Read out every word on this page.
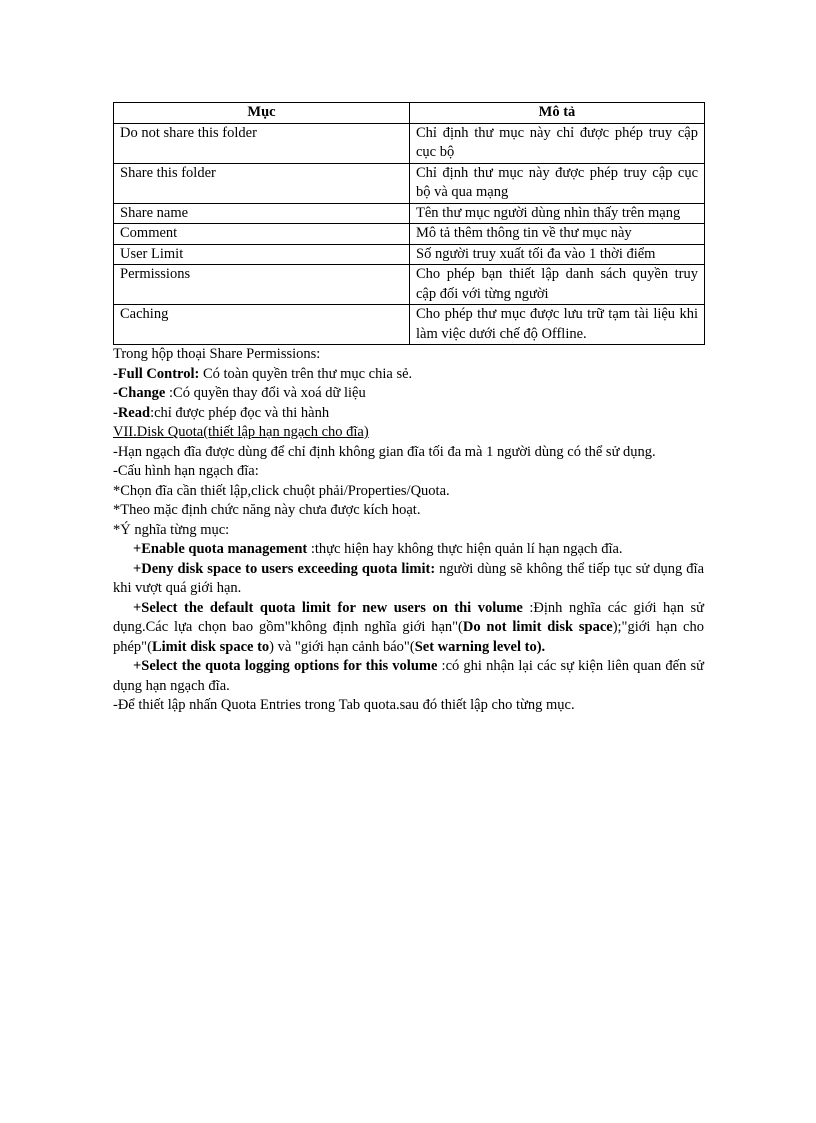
Mục	Mô tả
Do not share this folder	Chỉ định thư mục này chỉ được phép truy cập cục bộ
Share this folder	Chỉ định thư mục này được phép truy cập cục bộ và qua mạng
Share name	Tên thư mục người dùng nhìn thấy trên mạng
Comment	Mô tả thêm thông tin về thư mục này
User Limit	Số người truy xuất tối đa vào 1 thời điểm
Permissions	Cho phép bạn thiết lập danh sách quyền truy cập đối với từng người
Caching	Cho phép thư mục được lưu trữ tạm tài liệu khi làm việc dưới chế độ Offline.

Trong hộp thoại Share Permissions:

-Full Control: Có toàn quyền trên thư mục chia sẻ.

-Change :Có quyền thay đổi và xoá dữ liệu

-Read:chỉ được phép đọc và thi hành

VII.Disk Quota(thiết lập hạn ngạch cho đĩa)

-Hạn ngạch đĩa được dùng để chỉ định không gian đĩa tối đa mà 1 người dùng có thể sử dụng.

-Cấu hình hạn ngạch đĩa:

*Chọn đĩa cần thiết lập,click chuột phải/Properties/Quota.

*Theo mặc định chức năng này chưa được kích hoạt.

*Ý nghĩa từng mục:

+Enable quota management :thực hiện hay không thực hiện quản lí hạn ngạch đĩa.

+Deny disk space to users exceeding quota limit: người dùng sẽ không thể tiếp tục sử dụng đĩa khi vượt quá giới hạn.

+Select the default quota limit for new users on thi volume :Định nghĩa các giới hạn sử dụng.Các lựa chọn bao gồm"không định nghĩa giới hạn"(Do not limit disk space);"giới hạn cho phép"(Limit disk space to) và "giới hạn cảnh báo"(Set warning level to).

+Select the quota logging options for this volume :có ghi nhận lại các sự kiện liên quan đến sử dụng hạn ngạch đĩa.

-Để thiết lập nhấn Quota Entries trong Tab quota.sau đó thiết lập cho từng mục.
